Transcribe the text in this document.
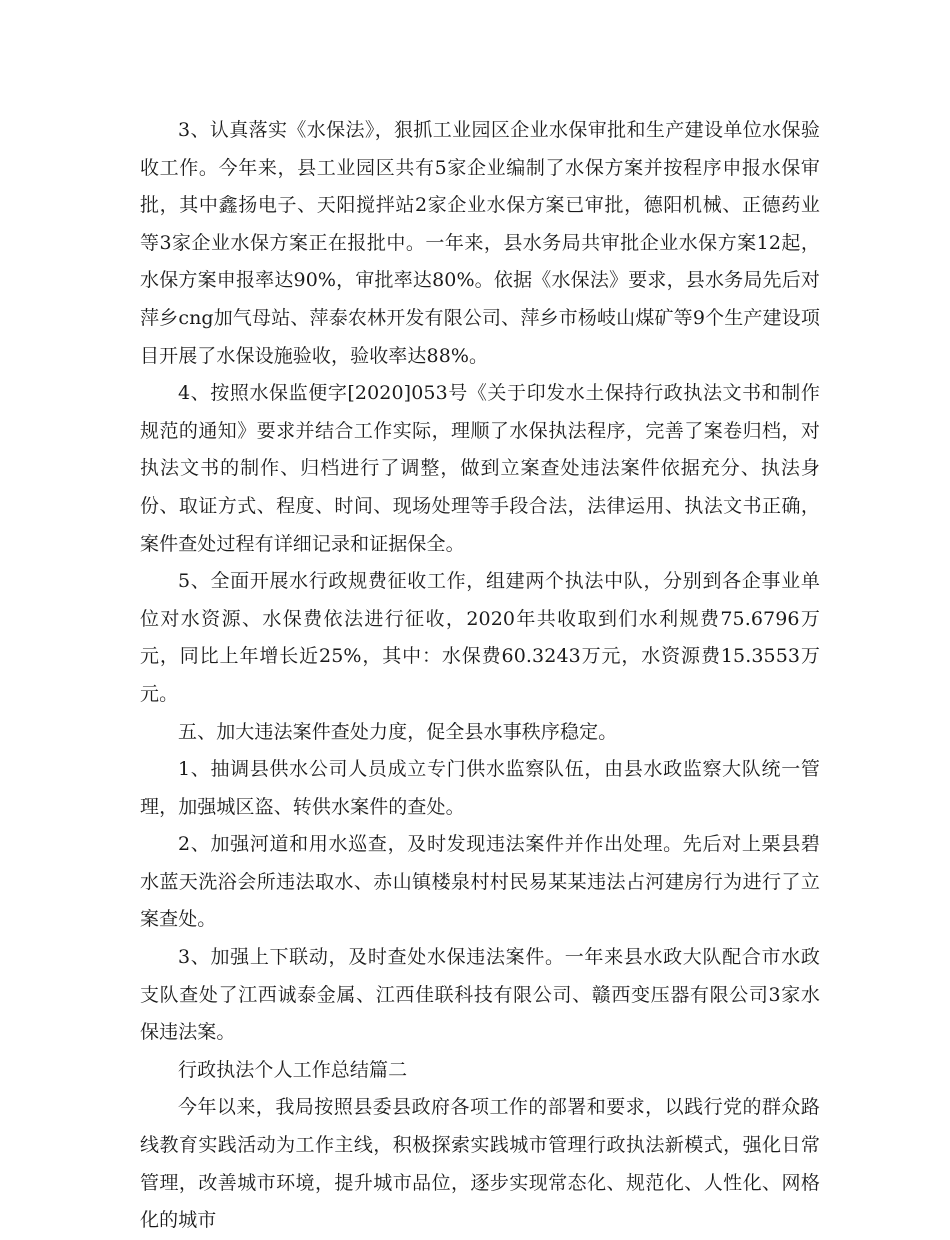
3、认真落实《水保法》，狠抓工业园区企业水保审批和生产建设单位水保验收工作。今年来，县工业园区共有5家企业编制了水保方案并按程序申报水保审批，其中鑫扬电子、天阳搅拌站2家企业水保方案已审批，德阳机械、正德药业等3家企业水保方案正在报批中。一年来，县水务局共审批企业水保方案12起，水保方案申报率达90%，审批率达80%。依据《水保法》要求，县水务局先后对萍乡cng加气母站、萍泰农林开发有限公司、萍乡市杨岐山煤矿等9个生产建设项目开展了水保设施验收，验收率达88%。

4、按照水保监便字[2020]053号《关于印发水土保持行政执法文书和制作规范的通知》要求并结合工作实际，理顺了水保执法程序，完善了案卷归档，对执法文书的制作、归档进行了调整，做到立案查处违法案件依据充分、执法身份、取证方式、程度、时间、现场处理等手段合法，法律运用、执法文书正确，案件查处过程有详细记录和证据保全。

5、全面开展水行政规费征收工作，组建两个执法中队，分别到各企事业单位对水资源、水保费依法进行征收，2020年共收取到们水利规费75.6796万元，同比上年增长近25%，其中：水保费60.3243万元，水资源费15.3553万元。

五、加大违法案件查处力度，促全县水事秩序稳定。

1、抽调县供水公司人员成立专门供水监察队伍，由县水政监察大队统一管理，加强城区盗、转供水案件的查处。

2、加强河道和用水巡查，及时发现违法案件并作出处理。先后对上栗县碧水蓝天洗浴会所违法取水、赤山镇楼泉村村民易某某违法占河建房行为进行了立案查处。

3、加强上下联动，及时查处水保违法案件。一年来县水政大队配合市水政支队查处了江西诚泰金属、江西佳联科技有限公司、赣西变压器有限公司3家水保违法案。

行政执法个人工作总结篇二

今年以来，我局按照县委县政府各项工作的部署和要求，以践行党的群众路线教育实践活动为工作主线，积极探索实践城市管理行政执法新模式，强化日常管理，改善城市环境，提升城市品位，逐步实现常态化、规范化、人性化、网格化的城市
